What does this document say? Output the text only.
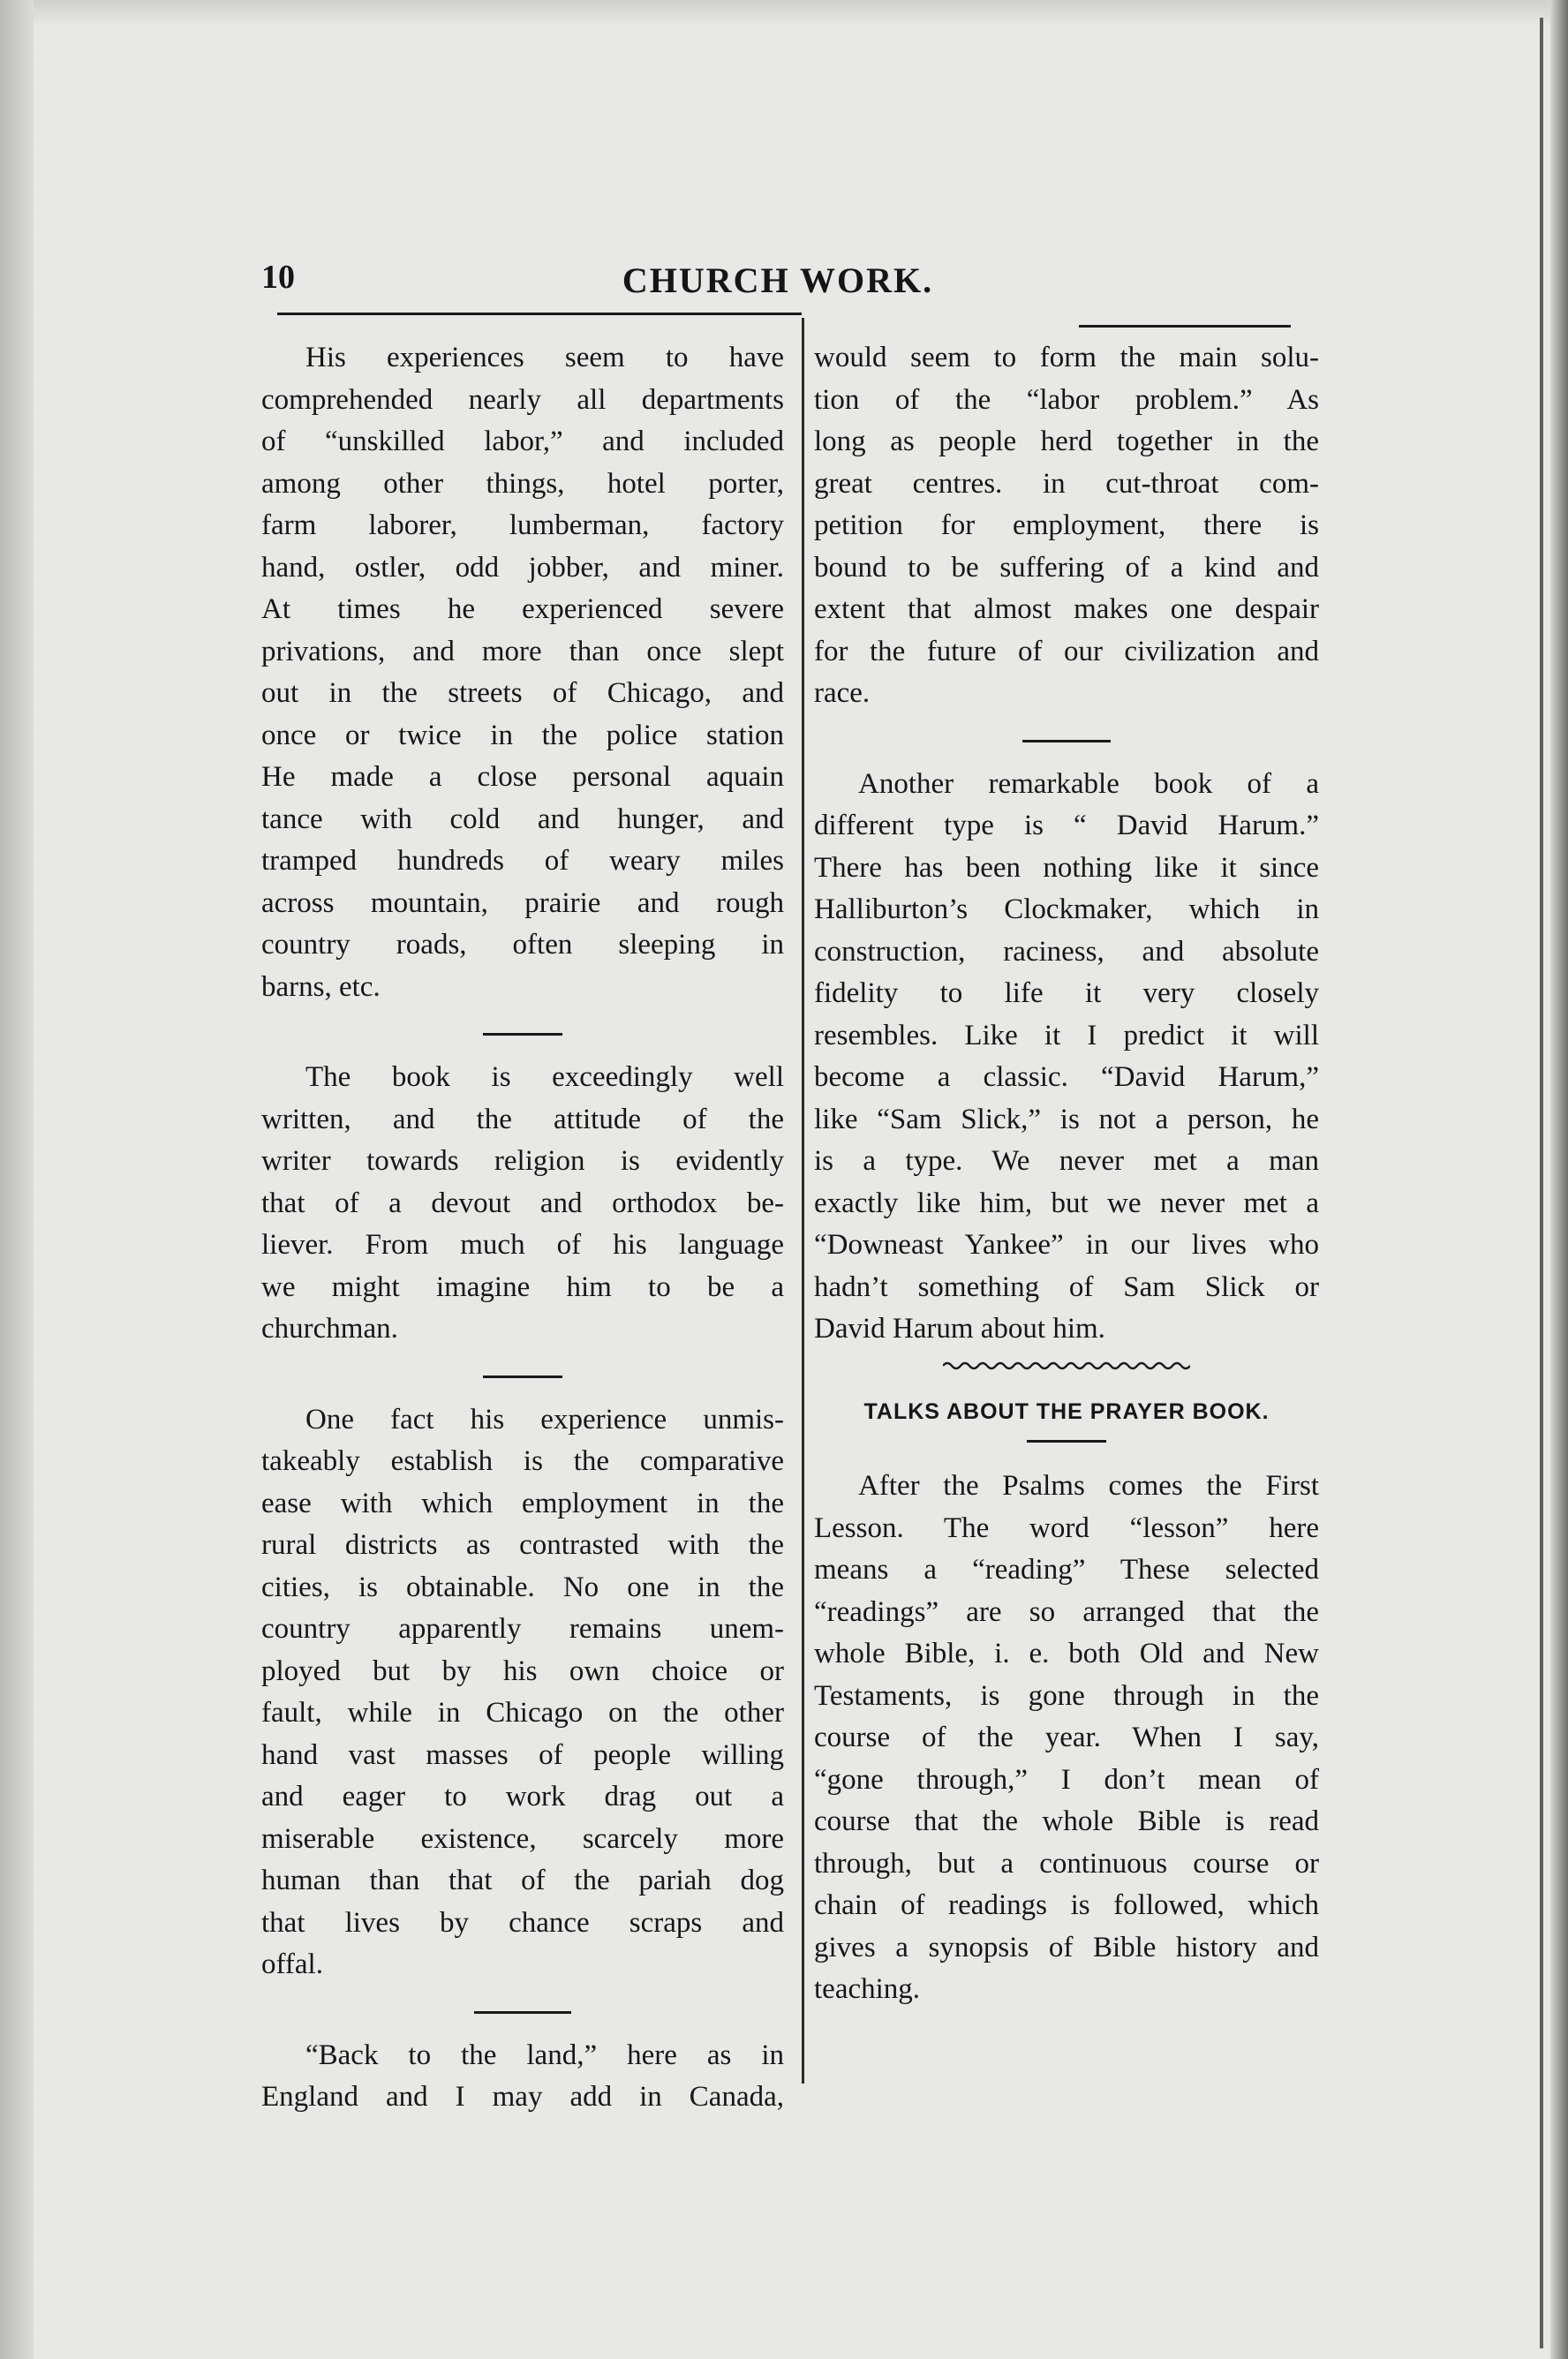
10	CHURCH WORK.

His experiences seem to have

comprehended nearly all departments

of “unskilled labor,” and included

among other things, hotel porter,

farm laborer, lumberman, factory

hand, ostler, odd jobber, and miner.

At times he experienced severe

privations, and more than once slept

out in the streets of Chicago, and

once or twice in the police station

He made a close personal aquain

tance with cold and hunger, and

tramped hundreds of weary miles

across mountain, prairie and rough

country roads, often sleeping in

barns, etc.

The book is exceedingly well

written, and the attitude of the

writer towards religion is evidently

that of a devout and orthodox be-

liever. From much of his language

we might imagine him to be a

churchman.

One fact his experience unmis-

takeably establish is the comparative

ease with which employment in the

rural districts as contrasted with the

cities, is obtainable. No one in the

country apparently remains unem-

ployed but by his own choice or

fault, while in Chicago on the other

hand vast masses of people willing

and eager to work drag out a

miserable existence, scarcely more

human than that of the pariah dog

that lives by chance scraps and

offal.

“Back to the land,” here as in

England and I may add in Canada,

would seem to form the main solu-

tion of the “labor problem.” As

long as people herd together in the

great centres. in cut-throat com-

petition for employment, there is

bound to be suffering of a kind and

extent that almost makes one despair

for the future of our civilization and

race.

Another remarkable book of a

different type is “ David Harum.”

There has been nothing like it since

Halliburton’s Clockmaker, which in

construction, raciness, and absolute

fidelity to life it very closely

resembles. Like it I predict it will

become a classic. “David Harum,”

like “Sam Slick,” is not a person, he

is a type. We never met a man

exactly like him, but we never met a

“Downeast Yankee” in our lives who

hadn’t something of Sam Slick or

David Harum about him.

TALKS ABOUT THE PRAYER BOOK.

After the Psalms comes the First

Lesson. The word “lesson” here

means a “reading” These selected

“readings” are so arranged that the

whole Bible, i. e. both Old and New

Testaments, is gone through in the

course of the year. When I say,

“gone through,” I don’t mean of

course that the whole Bible is read

through, but a continuous course or

chain of readings is followed, which

gives a synopsis of Bible history and

teaching.
